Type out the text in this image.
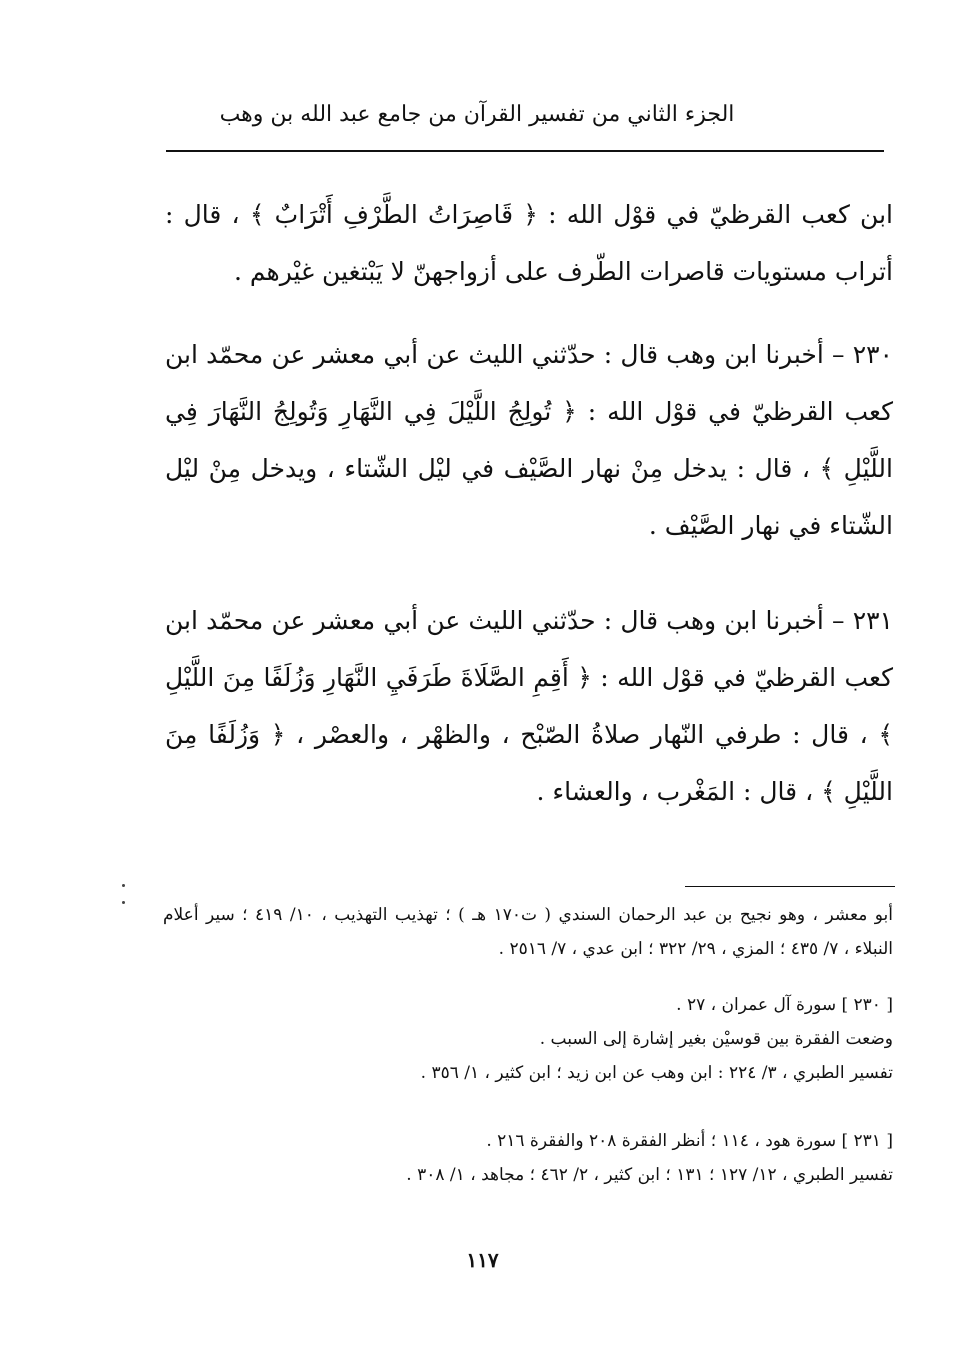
الجزء الثاني من تفسير القرآن من جامع عبد الله بن وهب

ابن كعب القرظيّ في قوْل الله : ﴿ قَاصِرَاتُ الطَّرْفِ أَتْرَابٌ ﴾ ، قال : أتراب مستويات قاصرات الطّرف على أزواجهنّ لا يَبْتغين غيْرهم .

٢٣٠ – أخبرنا ابن وهب قال : حدّثني الليث عن أبي معشر عن محمّد ابن كعب القرظيّ في قوْل الله : ﴿ تُولِجُ اللَّيْلَ فِي النَّهَارِ وَتُولِجُ النَّهَارَ فِي اللَّيْلِ ﴾ ، قال : يدخل مِنْ نهار الصَّيْف في ليْل الشّتاء ، ويدخل مِنْ ليْل الشّتاء في نهار الصَّيْف .

٢٣١ – أخبرنا ابن وهب قال : حدّثني الليث عن أبي معشر عن محمّد ابن كعب القرظيّ في قوْل الله : ﴿ أَقِمِ الصَّلَاةَ طَرَفَيِ النَّهَارِ وَزُلَفًا مِنَ اللَّيْلِ ﴾ ، قال : طرفي النّهار صلاةُ الصّبْح ، والظهْر ، والعصْر ، ﴿ وَزُلَفًا مِنَ اللَّيْلِ ﴾ ، قال : المَغْرب ، والعشاء .

أبو معشر ، وهو نجيح بن عبد الرحمان السندي ( ت١٧٠ هـ ) ؛ تهذيب التهذيب ، ١٠/ ٤١٩ ؛ سير أعلام النبلاء ، ٧/ ٤٣٥ ؛ المزي ، ٢٩/ ٣٢٢ ؛ ابن عدي ، ٧/ ٢٥١٦ .

[ ٢٣٠ ] سورة آل عمران ، ٢٧ .

وضعت الفقرة بين قوسيْن بغير إشارة إلى السبب .

تفسير الطبري ، ٣/ ٢٢٤ : ابن وهب عن ابن زيد ؛ ابن كثير ، ١/ ٣٥٦ .

[ ٢٣١ ] سورة هود ، ١١٤ ؛ أنظر الفقرة ٢٠٨ والفقرة ٢١٦ .

تفسير الطبري ، ١٢/ ١٢٧ ؛ ١٣١ ؛ ابن كثير ، ٢/ ٤٦٢ ؛ مجاهد ، ١/ ٣٠٨ .

١١٧
